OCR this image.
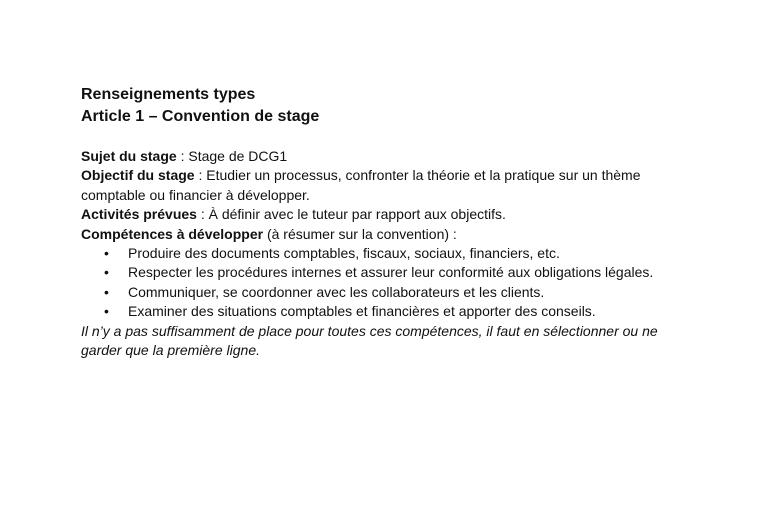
Renseignements types

Article 1 – Convention de stage

Sujet du stage : Stage de DCG1

Objectif du stage : Etudier un processus, confronter la théorie et la pratique sur un thème comptable ou financier à développer.

Activités prévues : À définir avec le tuteur par rapport aux objectifs.

Compétences à développer (à résumer sur la convention) :

• Produire des documents comptables, fiscaux, sociaux, financiers, etc.
• Respecter les procédures internes et assurer leur conformité aux obligations légales.
• Communiquer, se coordonner avec les collaborateurs et les clients.
• Examiner des situations comptables et financières et apporter des conseils.

Il n’y a pas suffisamment de place pour toutes ces compétences, il faut en sélectionner ou ne garder que la première ligne.
